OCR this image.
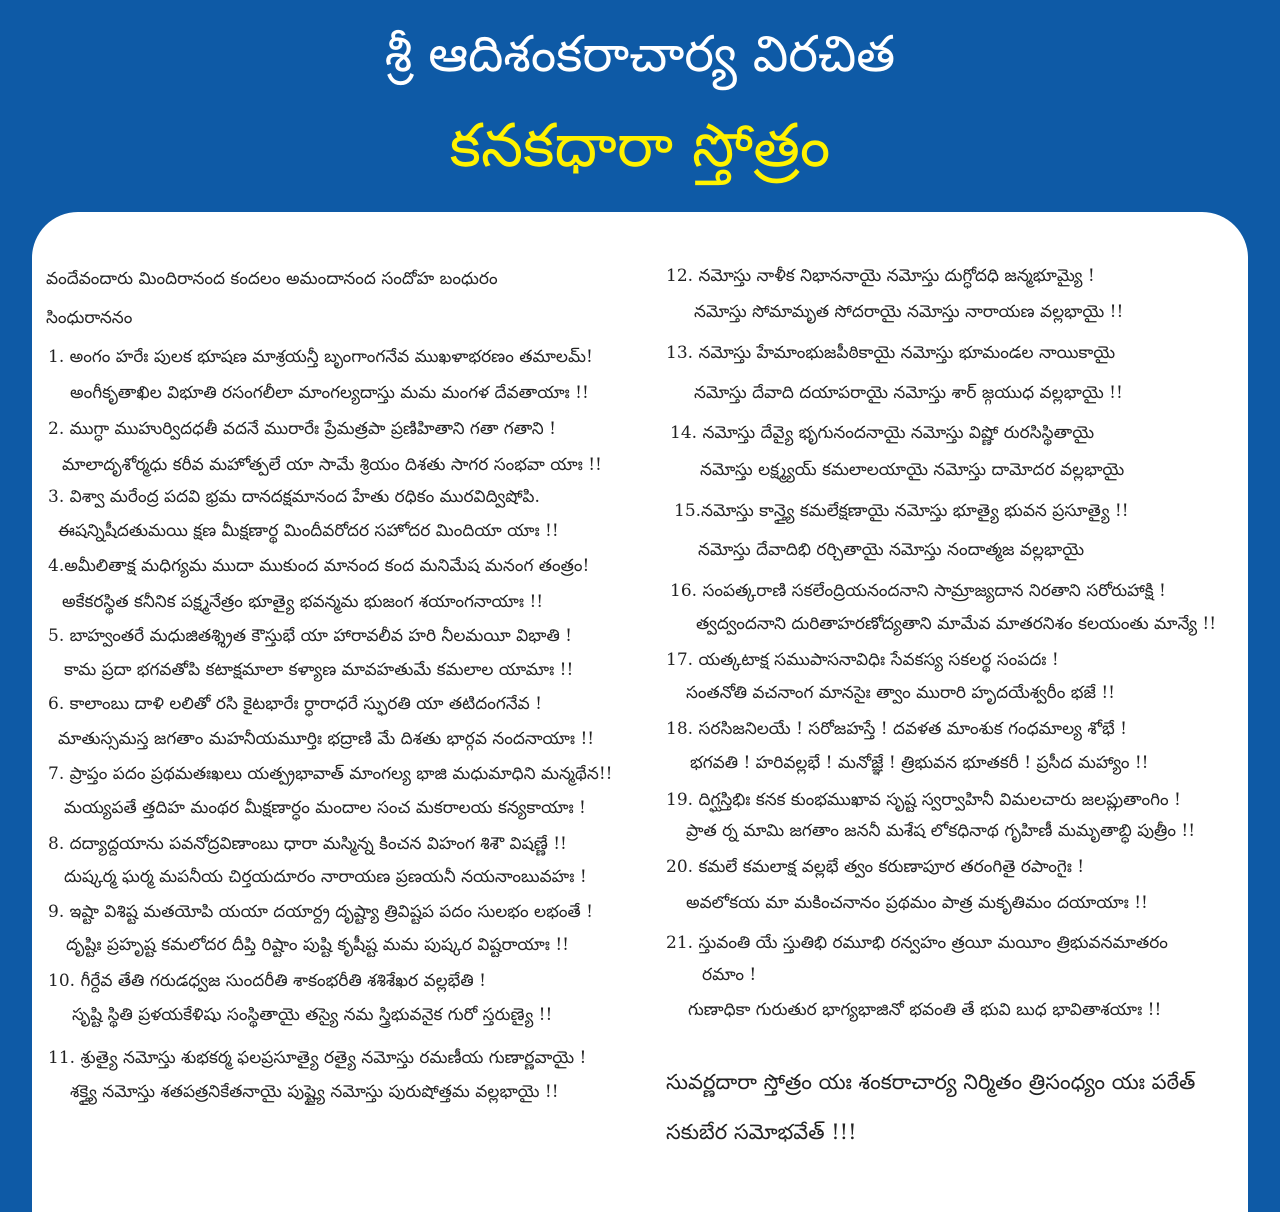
శ్రీ ఆదిశంకరాచార్య విరచిత
కనకధారా స్తోత్రం
వందేవందారు మిందిరానంద కందలం అమందానంద సందోహ బంధురం
సింధురాననం
1. అంగం హరేః పులక భూషణ మాశ్రయన్తీ బృంగాంగనేవ ముఖళాభరణం తమాలమ్!
అంగీకృతాఖిల విభూతి రసంగలీలా మాంగల్యదాస్తు మమ మంగళ దేవతాయాః !!
2. ముగ్ధా ముహుర్విదధతీ వదనే మురారేః ప్రేమత్రపా ప్రణిహితాని గతా గతాని !
మాలాదృశోర్మధు కరీవ మహోత్పలే యా సామే శ్రియం దిశతు సాగర సంభవా యాః !!
3. విశ్వా మరేంద్ర పదవి భ్రమ దానదక్షమానంద హేతు రధికం మురవిద్విషోపి.
ఈషన్నిషీదతుమయి క్షణ మీక్షణార్థ మిందీవరోదర సహోదర మిందియా యాః !!
4.అమీలితాక్ష మధిగ్యమ ముదా ముకుంద మానంద కంద మనిమేష మనంగ తంత్రం!
అకేకరస్థిత కనీనిక పక్ష్మనేత్రం భూత్యై భవన్మమ భుజంగ శయాంగనాయాః !!
5. బాహ్వంతరే మధుజితశ్శ్రిత కౌస్తుభే యా హారావలీవ హరి నీలమయీ విభాతి !
కామ ప్రదా భగవతోపి కటాక్షమాలా కళ్యాణ మావహతుమే కమలాల యామాః !!
6. కాలాంబు దాళి లలితో రసి కైటభారేః ర్ధారాధరే స్ఫురతి యా తటిదంగనేవ !
మాతుస్సమస్త జగతాం మహనీయమూర్తిః భద్రాణి మే దిశతు భార్గవ నందనాయాః !!
7. ప్రాప్తం పదం ప్రథమతఃఖలు యత్ప్రభావాత్ మాంగల్య భాజి మధుమాధిని మన్మథేన!!
మయ్యపతే త్తదిహ మంథర మీక్షణార్ధం మందాల సంచ మకరాలయ కన్యకాయాః !
8. దద్యాద్దయాను పవనోద్రవిణాంబు ధారా మస్మిన్న కించన విహంగ శిశౌ విషణ్ణే !!
దుష్కర్మ ఘర్మ మపనీయ చిర్తయదూరం నారాయణ ప్రణయనీ నయనాంబువహః !
9. ఇష్టా విశిష్ట మతయోపి యయా దయార్ద్ర దృష్ట్యా త్రివిష్టప పదం సులభం లభంతే !
దృష్టిః ప్రహృష్ట కమలోదర దీప్తి రిష్టాం పుష్టి కృషీష్ట మమ పుష్కర విష్టరాయాః !!
10. గీర్దేవ తేతి గరుడధ్వజ సుందరీతి శాకంభరీతి శశిశేఖర వల్లభేతి !
సృష్టి స్థితి ప్రళయకేళిషు సంస్థితాయై తస్యై నమ స్త్రిభువనైక గురో స్తరుణ్యై !!
11. శ్రుత్యై నమోస్తు శుభకర్మ ఫలప్రసూత్యై రత్యై నమోస్తు రమణీయ గుణార్ణవాయై !
శక్త్యై నమోస్తు శతపత్రనికేతనాయై పుష్ట్యై నమోస్తు పురుషోత్తమ వల్లభాయై !!
12. నమోస్తు నాళీక నిభాననాయై నమోస్తు దుగ్ధోదధి జన్మభూమ్యై !
నమోస్తు సోమామృత సోదరాయై నమోస్తు నారాయణ వల్లభాయై !!
13. నమోస్తు హేమాంభుజపీఠికాయై నమోస్తు భూమండల నాయికాయై
నమోస్తు దేవాది దయాపరాయై నమోస్తు శార్ జ్గయుధ వల్లభాయై !!
14. నమోస్తు దేవ్యై భృగునందనాయై నమోస్తు విష్ణో రురసిస్థితాయై
నమోస్తు లక్ష్మ్యయ్ కమలాలయాయై నమోస్తు దామోదర వల్లభాయై
15.నమోస్తు కాన్త్యై కమలేక్షణాయై నమోస్తు భూత్యై భువన ప్రసూత్యై !!
నమోస్తు దేవాదిభి రర్చితాయై నమోస్తు నందాత్మజ వల్లభాయై
16. సంపత్కరాణి సకలేంద్రియనందనాని సామ్రాజ్యదాన నిరతాని సరోరుహాక్షి !
త్వద్వందనాని దురితాహరణోద్యతాని మామేవ మాతరనిశం కలయంతు మాన్యే !!
17. యత్కటాక్ష సముపాసనావిధిః సేవకస్య సకలర్థ సంపదః !
సంతనోతి వచనాంగ మానసైః త్వాం మురారి హృదయేశ్వరీం భజే !!
18. సరసిజనిలయే ! సరోజహస్తే ! దవళత మాంశుక గంధమాల్య శోభే !
భగవతి ! హరివల్లభే ! మనోజ్ఞే ! త్రిభువన భూతకరీ ! ప్రసీద మహ్యాం !!
19. దిగ్ఘస్తిభిః కనక కుంభముఖావ సృష్ట స్వర్వాహినీ విమలచారు జలప్లుతాంగిం !
ప్రాత ర్న మామి జగతాం జననీ మశేష లోకధినాథ గృహిణీ మమృతాబ్ధి పుత్రీం !!
20. కమలే కమలాక్ష వల్లభే త్వం కరుణాపూర తరంగితై రపాంగైః !
అవలోకయ మా మకించనానం ప్రథమం పాత్ర మకృతిమం దయాయాః !!
21. స్తువంతి యే స్తుతిభి రమూభి రన్వహం త్రయీ మయీం త్రిభువనమాతరం
రమాం !
గుణాధికా గురుతుర భాగ్యభాజినో భవంతి తే భువి బుధ భావితాశయాః !!
సువర్ణదారా స్తోత్రం యః శంకరాచార్య నిర్మితం త్రిసంధ్యం యః పఠేత్
సకుబేర సమోభవేత్ !!!
